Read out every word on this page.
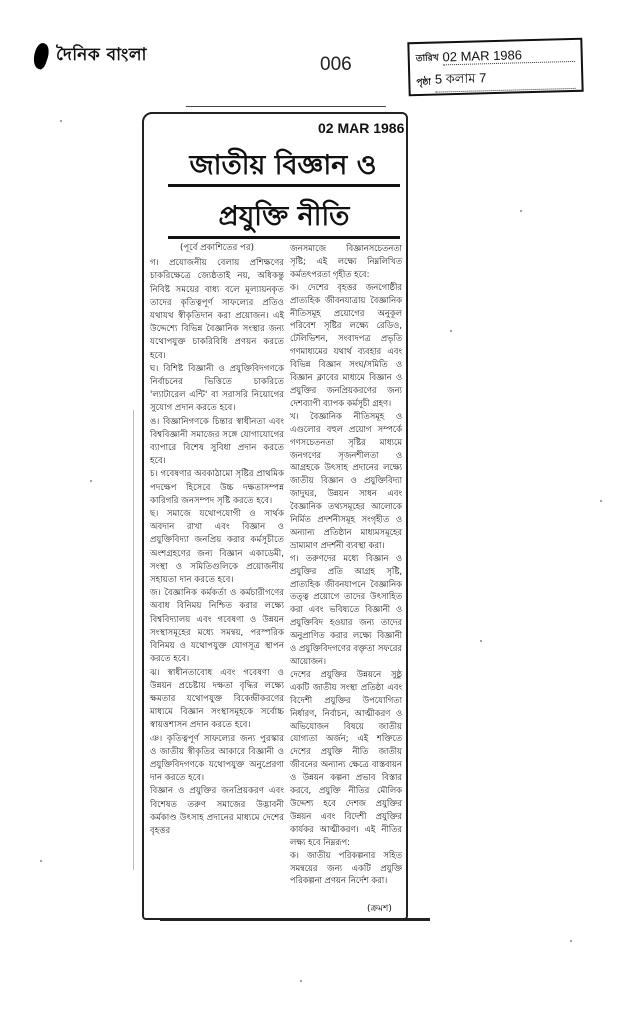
দৈনিক বাংলা	006	তারিখ 02 MAR 1986
পৃষ্ঠা 5 কলাম 7
02 MAR 1986
জাতীয় বিজ্ঞান ও
প্রযুক্তি নীতি

(পূর্বে প্রকাশিতের পর)

গ। প্রযোজনীয় বেলায় প্রশিক্ষণের চাকরিক্ষেত্রে জ্যেষ্ঠতাই নয়, অধিকন্তু নিবিষ্ট সময়ের বাধ্য বলে মূল্যায়নকৃত তাদের কৃতিত্বপূর্ণ সাফল্যের প্রতিও যথাযথ স্বীকৃতিদান করা প্রয়োজন। এই উদ্দেশ্যে বিভিন্ন বৈজ্ঞানিক সংস্থার জন্য যথোপযুক্ত চাকরিবিধি প্রণয়ন করতে হবে।

ঘ। বিশিষ্ট বিজ্ঞানী ও প্রযুক্তিবিদগণকে নির্বাচনের ভিত্তিতে চাকরিতে 'ল্যাটারেল এন্টি' বা সরাসরি নিয়োগের সুযোগ প্রদান করতে হবে।

ঙ। বিজ্ঞানিগণকে চিন্তার স্বাধীনতা এবং বিশ্ববিজ্ঞানী সমাজের সঙ্গে যোগাযোগের ব্যাপারে বিশেষ সুবিধা প্রদান করতে হবে।

চ। গবেষণার অবকাঠামো সৃষ্টির প্রাথমিক পদক্ষেপ হিসেবে উচ্চ দক্ষতাসম্পন্ন কারিগরি জনসম্পদ সৃষ্টি করতে হবে।

ছ। সমাজে যথোপযোগী ও সার্থক অবদান রাখা এবং বিজ্ঞান ও প্রযুক্তিবিদ্যা জনপ্রিয় করার কর্মসূচীতে অংশগ্রহণের জন্য বিজ্ঞান একাডেমী, সংস্থা ও সমিতিগুলিকে প্রয়োজনীয় সহায়তা দান করতে হবে।

জ। বৈজ্ঞানিক কর্মকর্তা ও কর্মচারীগণের অবাধ বিনিময় নিশ্চিত করার লক্ষ্যে বিশ্ববিদ্যালয় এবং গবেষণা ও উন্নয়ন সংস্থাসমূহের মধ্যে সমন্বয়, পরস্পরিক বিনিময় ও যথোপযুক্ত যোগসূত্র স্থাপন করতে হবে।

ঝ। স্বাধীনতাবোধ এবং গবেষণা ও উন্নয়ন প্রচেষ্টায় দক্ষতা বৃদ্ধির লক্ষ্যে ক্ষমতার যথোপযুক্ত বিকেন্দ্রীকরণের মাধ্যমে বিজ্ঞান সংস্থাসমূহকে সর্বোচ্চ স্বায়ত্তশাসন প্রদান করতে হবে।

ঞ। কৃতিত্বপূর্ণ সাফল্যের জন্য পুরস্কার ও জাতীয় স্বীকৃতির আকারে বিজ্ঞানী ও প্রযুক্তিবিদগণকে যথোপযুক্ত অনুপ্রেরণা দান করতে হবে।

বিজ্ঞান ও প্রযুক্তির জনপ্রিয়করণ এবং বিশেষত তরুণ সমাজের উদ্ভাবনী কর্মকাণ্ড উৎসাহ প্রদানের মাধ্যমে দেশের বৃহত্তর

জনসমাজে বিজ্ঞানসচেতনতা সৃষ্টি; এই লক্ষ্যে নিম্নলিখিত কর্মতৎপরতা গৃহীত হবে:

ক। দেশের বৃহত্তর জনগোষ্ঠীর প্রাত্যহিক জীবনযাত্রায় বৈজ্ঞানিক নীতিসমূহ প্রয়োগের অনুকূল পরিবেশ সৃষ্টির লক্ষ্যে রেডিও, টেলিভিশন, সংবাদপত্র প্রভৃতি গণমাধ্যমের যথার্থ ব্যবহার এবং বিভিন্ন বিজ্ঞান সংঘ/সমিতি ও বিজ্ঞান ক্লাবের মাধ্যমে বিজ্ঞান ও প্রযুক্তির জনপ্রিয়করণের জন্য দেশব্যাপী ব্যাপক কর্মসূচী গ্রহণ।

খ। বৈজ্ঞানিক নীতিসমূহ ও এগুলোর বহুল প্রয়োগ সম্পর্কে গণসচেতনতা সৃষ্টির মাধ্যমে জনগণের সৃজনশীলতা ও আগ্রহকে উৎসাহ প্রদানের লক্ষ্যে জাতীয় বিজ্ঞান ও প্রযুক্তিবিদ্যা জাদুঘর, উন্নয়ন সাধন এবং বৈজ্ঞানিক তথ্যসমূহের আলোকে নির্মিত প্রদর্শনীসমূহ সংগৃহীত ও অন্যান্য প্রতিষ্ঠান মাধ্যমসমূহের ভ্রাম্যমাণ প্রদর্শনী ব্যবস্থা করা।

গ। তরুণদের মধ্যে বিজ্ঞান ও প্রযুক্তির প্রতি আগ্রহ সৃষ্টি, প্রাত্যহিক জীবনযাপনে বৈজ্ঞানিক তত্ত্ব প্রয়োগে তাদের উৎসাহিত করা এবং ভবিষ্যতে বিজ্ঞানী ও প্রযুক্তিবিদ হওয়ার জন্য তাদের অনুপ্রাণিত করার লক্ষ্যে বিজ্ঞানী ও প্রযুক্তিবিদগণের বক্তৃতা সফরের আয়োজন।

দেশের প্রযুক্তির উন্নয়নে সুষ্ঠু একটি জাতীয় সংস্থা প্রতিষ্ঠা এবং বিদেশী প্রযুক্তির উপযোগিতা নির্ধারণ, নির্বাচন, আত্মীকরণ ও অভিযোজন বিষয়ে জাতীয় যোগ্যতা অর্জন; এই শক্তিতে দেশের প্রযুক্তি নীতি জাতীয় জীবনের অন্যান্য ক্ষেত্রে বাস্তবায়ন ও উন্নয়ন কল্পনা প্রভাব বিস্তার করবে, প্রযুক্তি নীতির মৌলিক উদ্দেশ্য হবে দেশজ প্রযুক্তির উন্নয়ন এবং বিদেশী প্রযুক্তির কার্যকর আত্মীকরণ। এই নীতির লক্ষ্য হবে নিম্নরূপ:

ক। জাতীয় পরিকল্পনার সহিত সমন্বয়ের জন্য একটি প্রযুক্তি পরিকল্পনা প্রণয়ন নির্দেশ করা।

(ক্রমশ)
